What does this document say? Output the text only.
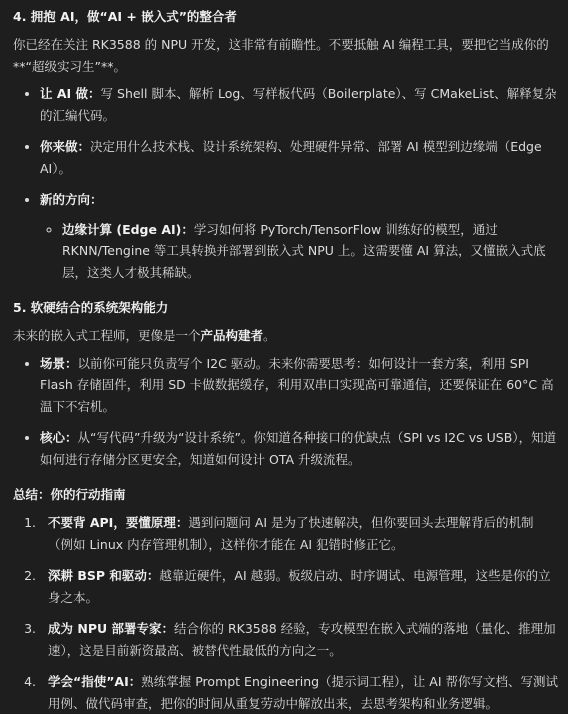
4. 拥抱 AI，做“AI + 嵌入式”的整合者

你已经在关注 RK3588 的 NPU 开发，这非常有前瞻性。不要抵触 AI 编程工具，要把它当成你的
**“超级实习生”**。

• 让 AI 做：写 Shell 脚本、解析 Log、写样板代码（Boilerplate）、写 CMakeList、解释复杂的汇编代码。
• 你来做：决定用什么技术栈、设计系统架构、处理硬件异常、部署 AI 模型到边缘端（Edge AI）。
• 新的方向：
◦ 边缘计算 (Edge AI)：学习如何将 PyTorch/TensorFlow 训练好的模型，通过 RKNN/Tengine 等工具转换并部署到嵌入式 NPU 上。这需要懂 AI 算法，又懂嵌入式底层，这类人才极其稀缺。
5. 软硬结合的系统架构能力

未来的嵌入式工程师，更像是一个产品构建者。

• 场景：以前你可能只负责写个 I2C 驱动。未来你需要思考：如何设计一套方案，利用 SPI Flash 存储固件，利用 SD 卡做数据缓存，利用双串口实现高可靠通信，还要保证在 60°C 高温下不宕机。
• 核心：从“写代码”升级为“设计系统”。你知道各种接口的优缺点（SPI vs I2C vs USB），知道如何进行存储分区更安全，知道如何设计 OTA 升级流程。
总结：你的行动指南
1. 不要背 API，要懂原理：遇到问题问 AI 是为了快速解决，但你要回头去理解背后的机制（例如 Linux 内存管理机制），这样你才能在 AI 犯错时修正它。
2. 深耕 BSP 和驱动：越靠近硬件，AI 越弱。板级启动、时序调试、电源管理，这些是你的立身之本。
3. 成为 NPU 部署专家：结合你的 RK3588 经验，专攻模型在嵌入式端的落地（量化、推理加速），这是目前新资最高、被替代性最低的方向之一。
4. 学会“指使”AI：熟练掌握 Prompt Engineering（提示词工程），让 AI 帮你写文档、写测试用例、做代码审查，把你的时间从重复劳动中解放出来，去思考架构和业务逻辑。
